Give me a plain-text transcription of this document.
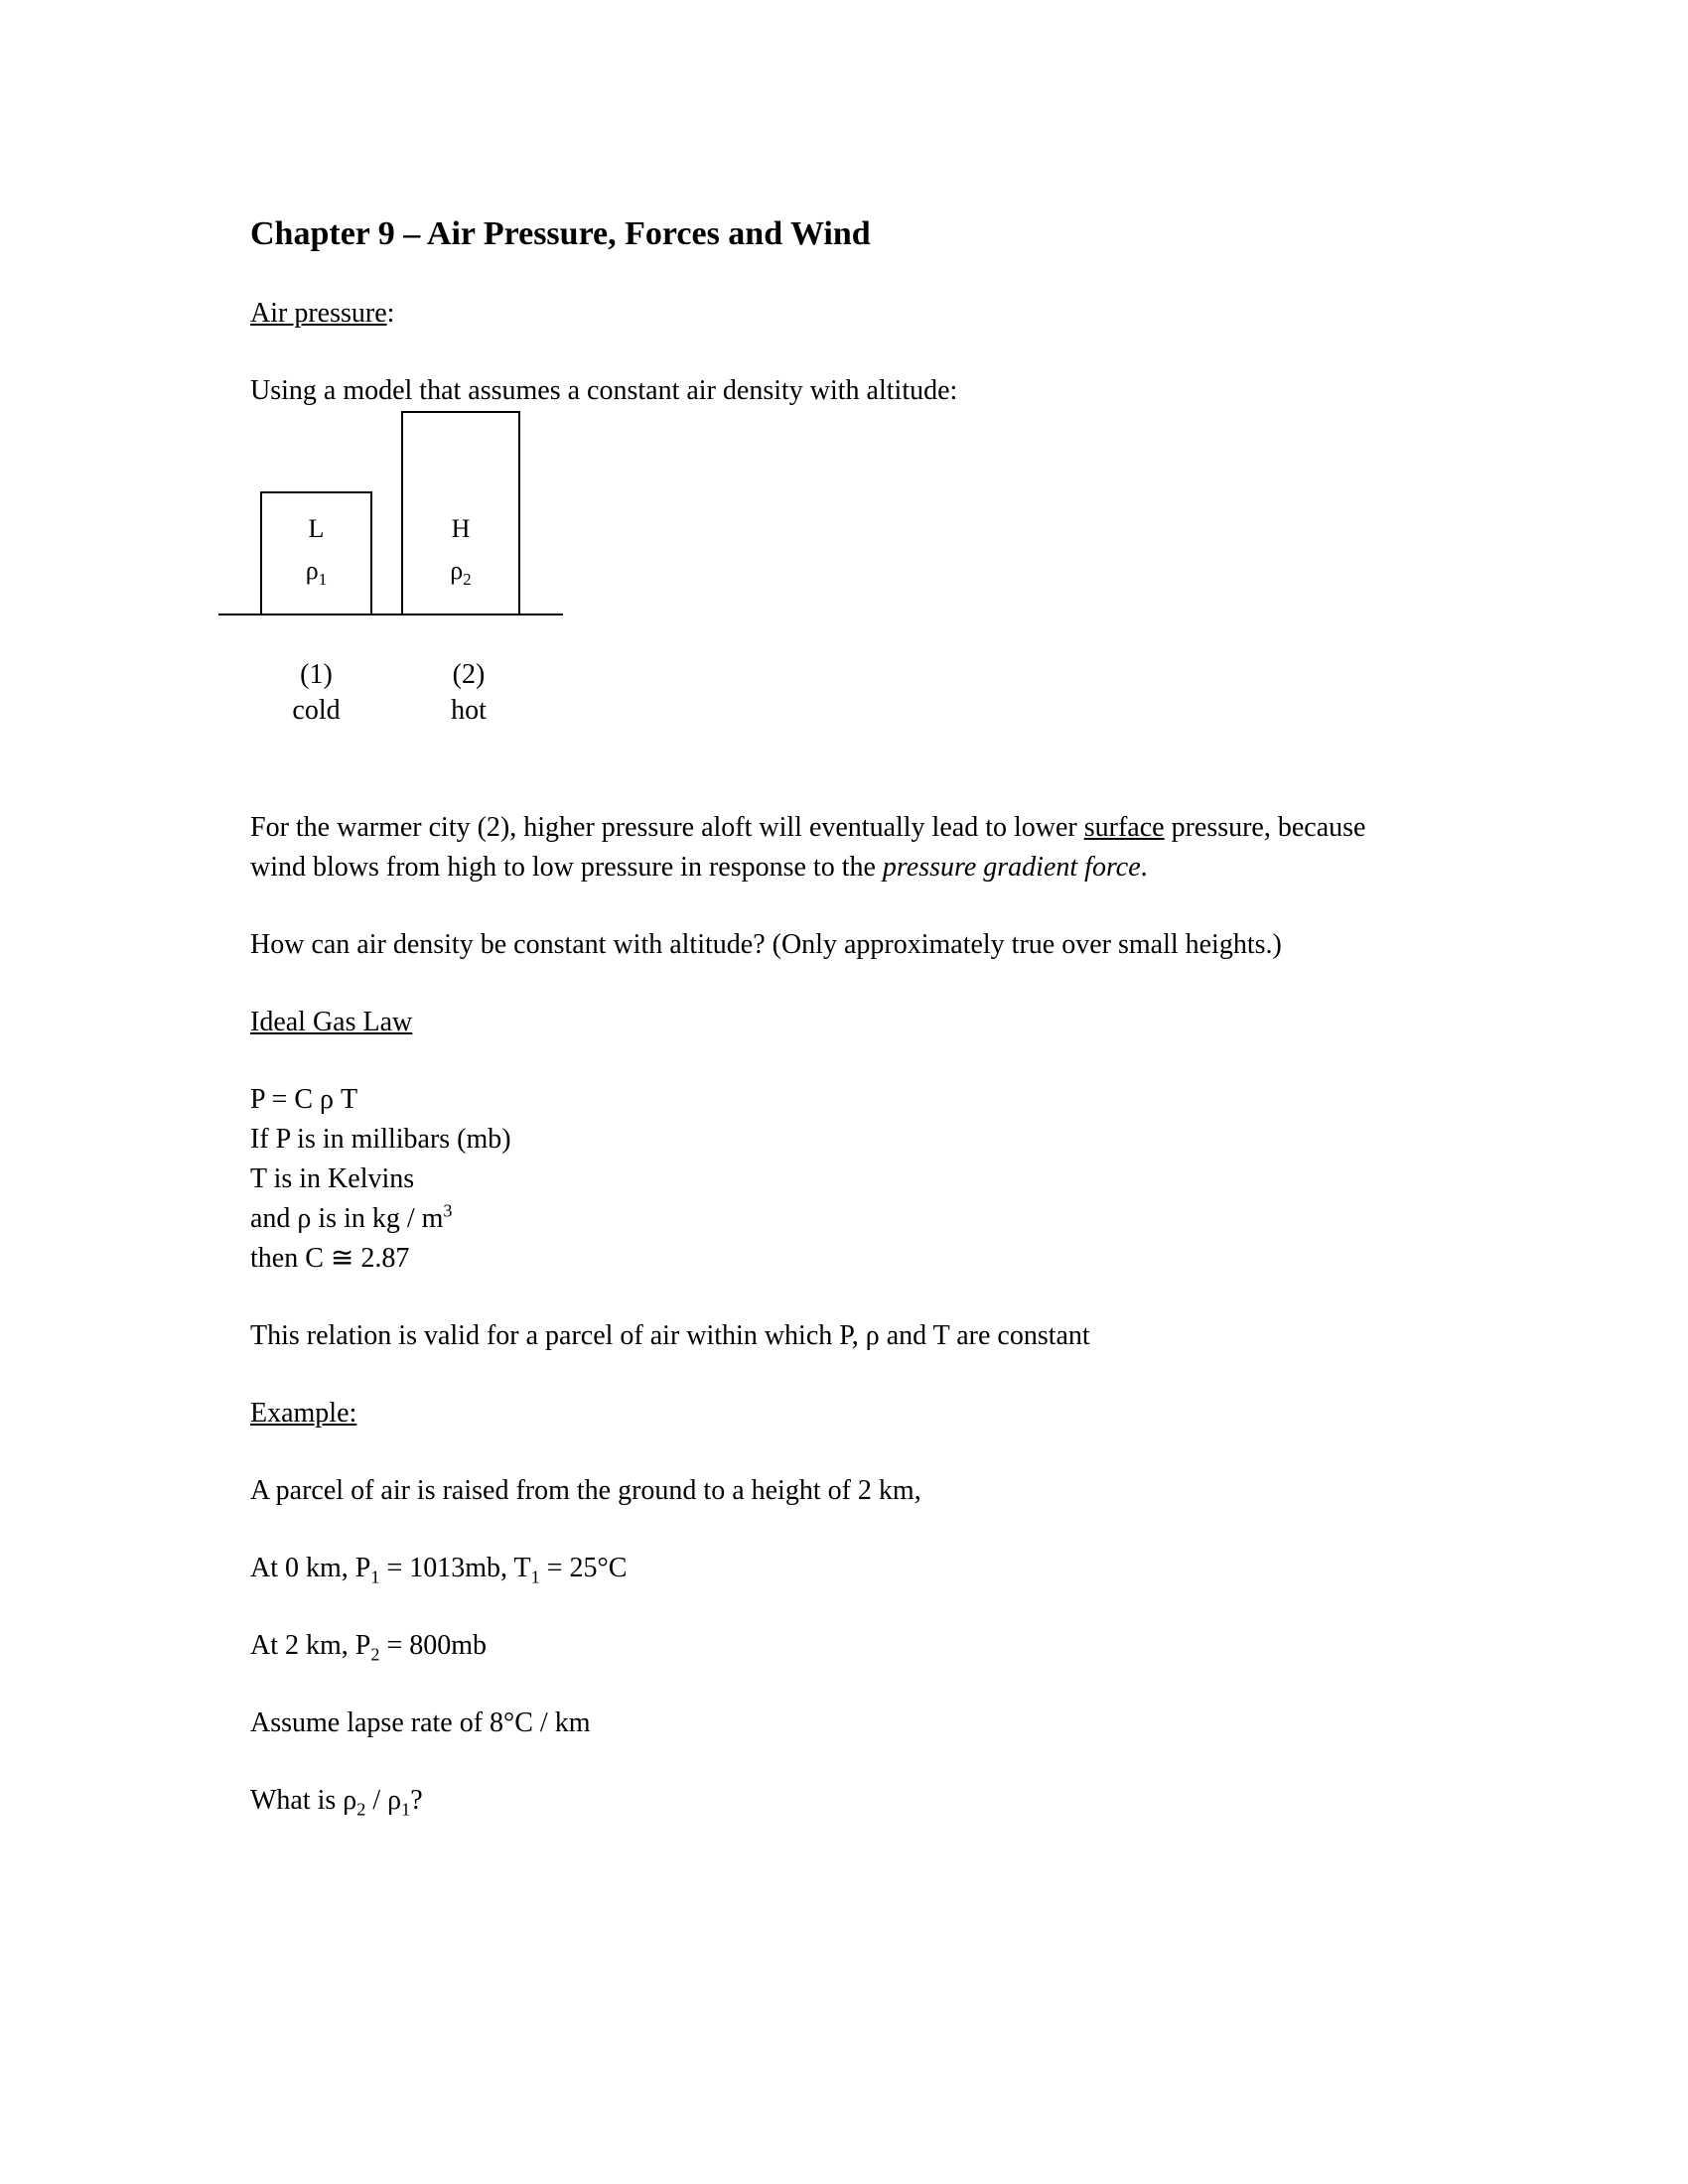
Chapter 9 – Air Pressure, Forces and Wind

Air pressure:

Using a model that assumes a constant air density with altitude:

L	H
$\rho_1$	$\rho_2$
(1)
cold
(2)
hot

For the warmer city (2), higher pressure aloft will eventually lead to lower surface pressure, because wind blows from high to low pressure in response to the pressure gradient force.

How can air density be constant with altitude? (Only approximately true over small heights.)

Ideal Gas Law

P = C ρ T
If P is in millibars (mb)
T is in Kelvins
and ρ is in kg / $m^3$
then C ≅ 2.87

This relation is valid for a parcel of air within which P, ρ and T are constant

Example:

A parcel of air is raised from the ground to a height of 2 km,

At 0 km, $P_1 = 1013mb$, $T_1 = 25^\circ C$

At 2 km, $P_2 = 800mb$

Assume lapse rate of 8°C / km

What is $\rho_2 / \rho_1$?
